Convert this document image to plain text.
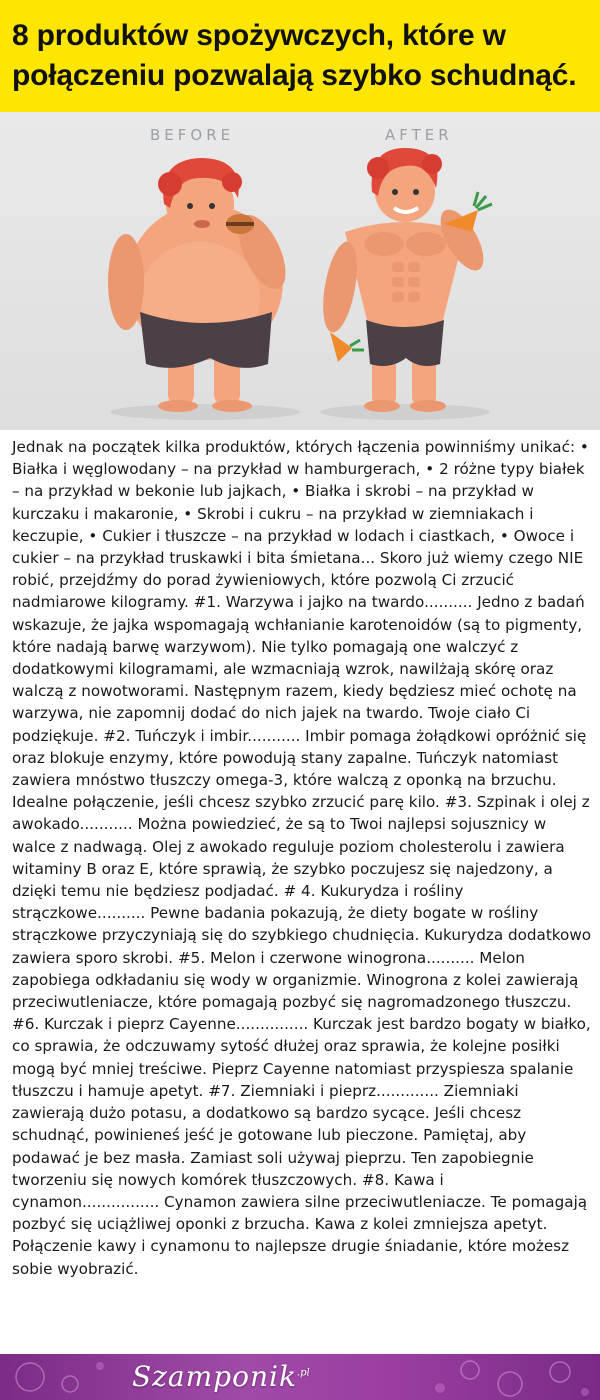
8 produktów spożywczych, które w połączeniu pozwalają szybko schudnąć.
BEFORE	AFTER

Jednak na początek kilka produktów, których łączenia powinniśmy unikać: • Białka i węglowodany – na przykład w hamburgerach, • 2 różne typy białek – na przykład w bekonie lub jajkach, • Białka i skrobi – na przykład w kurczaku i makaronie, • Skrobi i cukru – na przykład w ziemniakach i keczupie, • Cukier i tłuszcze – na przykład w lodach i ciastkach, • Owoce i cukier – na przykład truskawki i bita śmietana... Skoro już wiemy czego NIE robić, przejdźmy do porad żywieniowych, które pozwolą Ci zrzucić nadmiarowe kilogramy. #1. Warzywa i jajko na twardo.......... Jedno z badań wskazuje, że jajka wspomagają wchłanianie karotenoidów (są to pigmenty, które nadają barwę warzywom). Nie tylko pomagają one walczyć z dodatkowymi kilogramami, ale wzmacniają wzrok, nawilżają skórę oraz walczą z nowotworami. Następnym razem, kiedy będziesz mieć ochotę na warzywa, nie zapomnij dodać do nich jajek na twardo. Twoje ciało Ci podziękuje. #2. Tuńczyk i imbir........... Imbir pomaga żołądkowi opróżnić się oraz blokuje enzymy, które powodują stany zapalne. Tuńczyk natomiast zawiera mnóstwo tłuszczy omega-3, które walczą z oponką na brzuchu. Idealne połączenie, jeśli chcesz szybko zrzucić parę kilo. #3. Szpinak i olej z awokado........... Można powiedzieć, że są to Twoi najlepsi sojusznicy w walce z nadwagą. Olej z awokado reguluje poziom cholesterolu i zawiera witaminy B oraz E, które sprawią, że szybko poczujesz się najedzony, a dzięki temu nie będziesz podjadać. # 4. Kukurydza i rośliny strączkowe.......... Pewne badania pokazują, że diety bogate w rośliny strączkowe przyczyniają się do szybkiego chudnięcia. Kukurydza dodatkowo zawiera sporo skrobi. #5. Melon i czerwone winogrona.......... Melon zapobiega odkładaniu się wody w organizmie. Winogrona z kolei zawierają przeciwutleniacze, które pomagają pozbyć się nagromadzonego tłuszczu. #6. Kurczak i pieprz Cayenne............... Kurczak jest bardzo bogaty w białko, co sprawia, że odczuwamy sytość dłużej oraz sprawia, że kolejne posiłki mogą być mniej treściwe. Pieprz Cayenne natomiast przyspiesza spalanie tłuszczu i hamuje apetyt. #7. Ziemniaki i pieprz............. Ziemniaki zawierają dużo potasu, a dodatkowo są bardzo sycące. Jeśli chcesz schudnąć, powinieneś jeść je gotowane lub pieczone. Pamiętaj, aby podawać je bez masła. Zamiast soli używaj pieprzu. Ten zapobiegnie tworzeniu się nowych komórek tłuszczowych. #8. Kawa i cynamon................ Cynamon zawiera silne przeciwutleniacze. Te pomagają pozbyć się uciążliwej oponki z brzucha. Kawa z kolei zmniejsza apetyt. Połączenie kawy i cynamonu to najlepsze drugie śniadanie, które możesz sobie wyobrazić.

Szamponik$^{.pl}$
